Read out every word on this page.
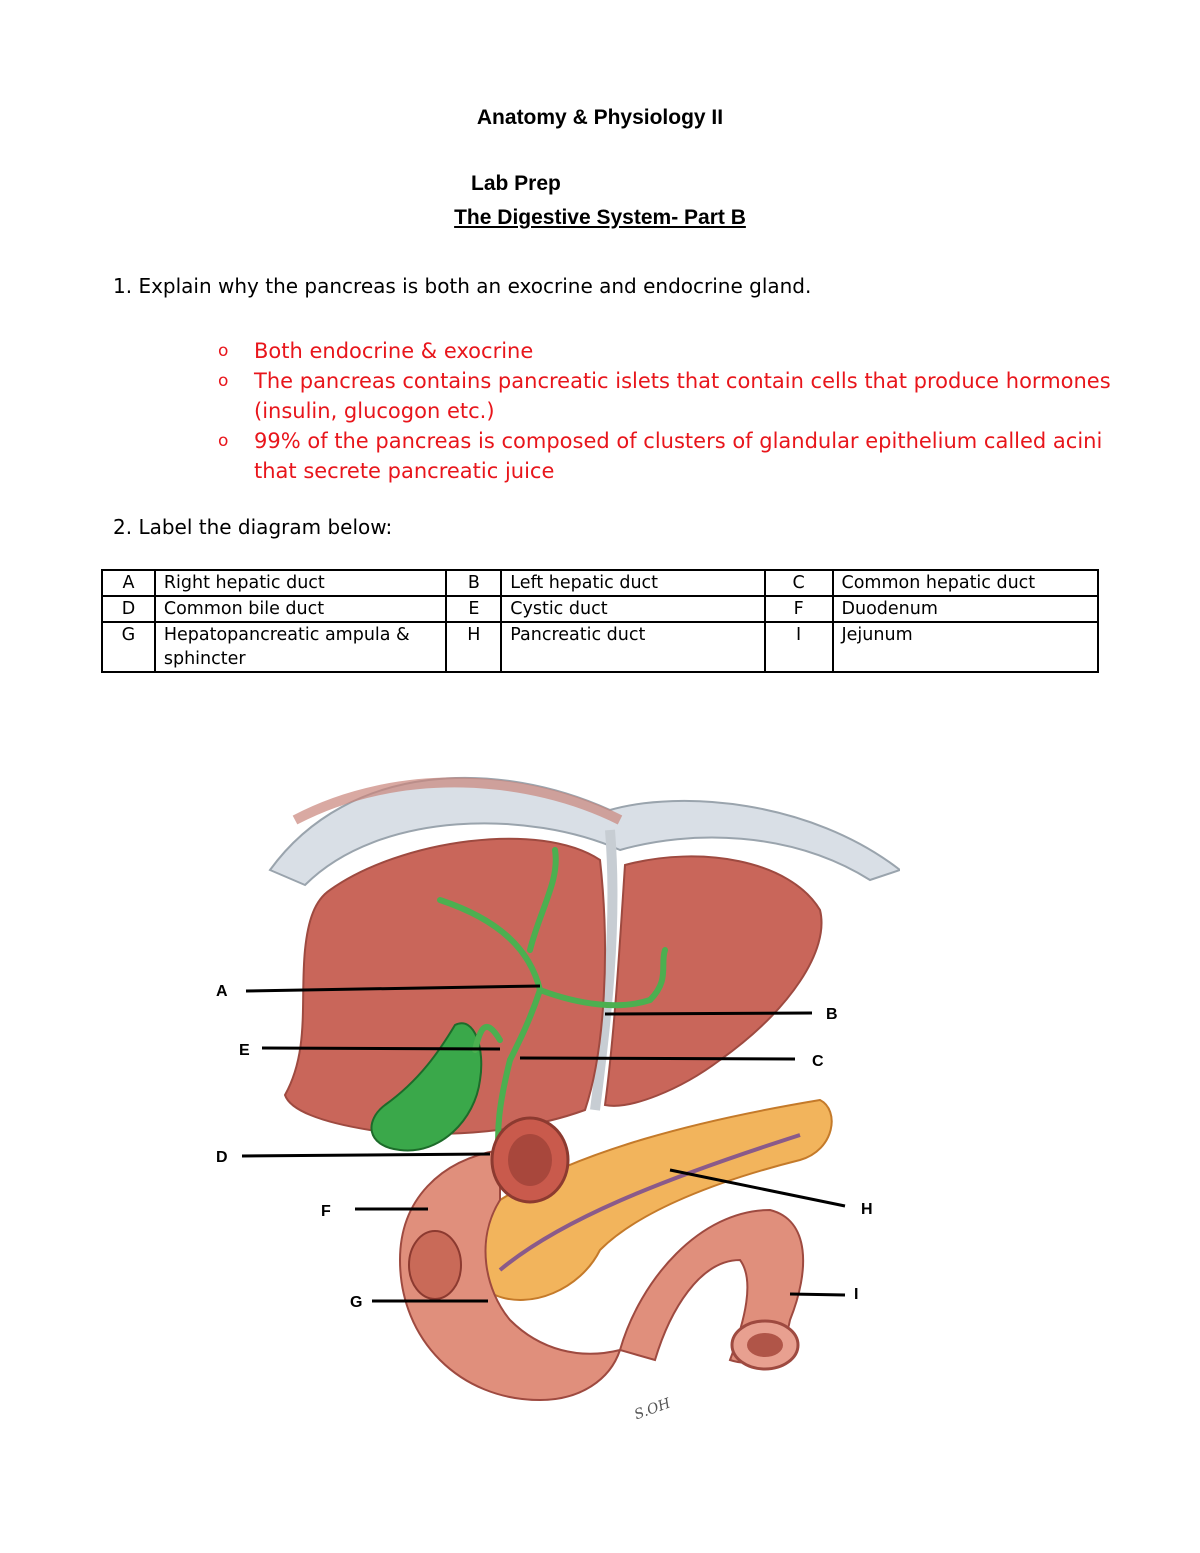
Anatomy & Physiology II
Lab Prep
The Digestive System- Part B
1. Explain why the pancreas is both an exocrine and endocrine gland.
o Both endocrine & exocrine
o The pancreas contains pancreatic islets that contain cells that produce hormones (insulin, glucogon etc.)
o 99% of the pancreas is composed of clusters of glandular epithelium called acini that secrete pancreatic juice
2. Label the diagram below:
A	Right hepatic duct	B	Left hepatic duct	C	Common hepatic duct
D	Common bile duct	E	Cystic duct	F	Duodenum
G	Hepatopancreatic ampula & sphincter	H	Pancreatic duct	I	Jejunum
A
B
C
D
E
F
G
H
I
S.OH
